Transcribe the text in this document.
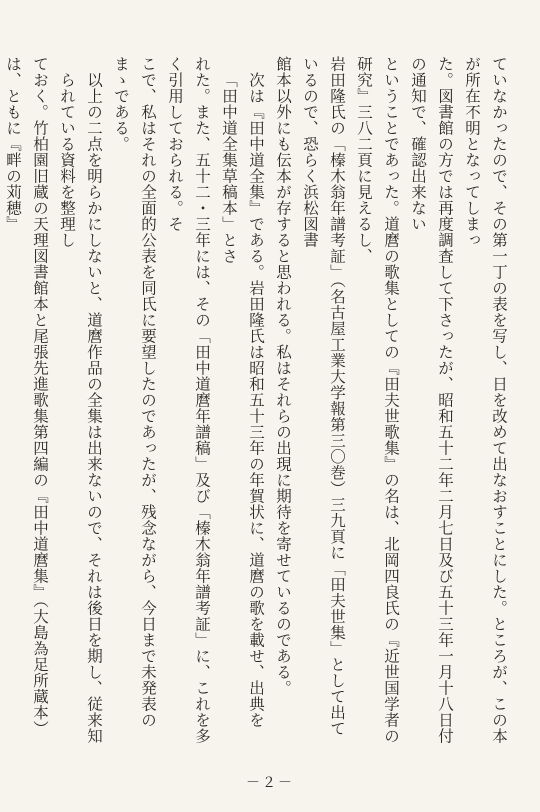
ていなかったので、その第一丁の表を写し、日を改めて出なおすことにした。ところが、この本が所在不明となってしまっ
た。図書館の方では再度調査して下さったが、昭和五十二年二月七日及び五十三年一月十八日付の通知で、確認出来ない
ということであった。道麿の歌集としての『田夫世歌集』の名は、北岡四良氏の『近世国学者の研究』三八二頁に見えるし、
岩田隆氏の「榛木翁年譜考証」（名古屋工業大学報第三〇巻）三九頁に「田夫世集」として出ているので、恐らく浜松図書
館本以外にも伝本が存すると思われる。私はそれらの出現に期待を寄せているのである。
次は『田中道全集』である。岩田隆氏は昭和五十三年の年賀状に、道麿の歌を載せ、出典を「田中道全集草稿本」とさ
れた。また、五十二・三年には、その「田中道麿年譜稿」及び「榛木翁年譜考証」に、これを多く引用しておられる。そ
こで、私はそれの全面的公表を同氏に要望したのであったが、残念ながら、今日まで未発表のまゝである。
以上の二点を明らかにしないと、道麿作品の全集は出来ないので、それは後日を期し、従来知られている資料を整理し
ておく。竹柏園旧蔵の天理図書館本と尾張先進歌集第四編の『田中道麿集』（大島為足所蔵本）は、ともに『畔の苅穂』
－２－
